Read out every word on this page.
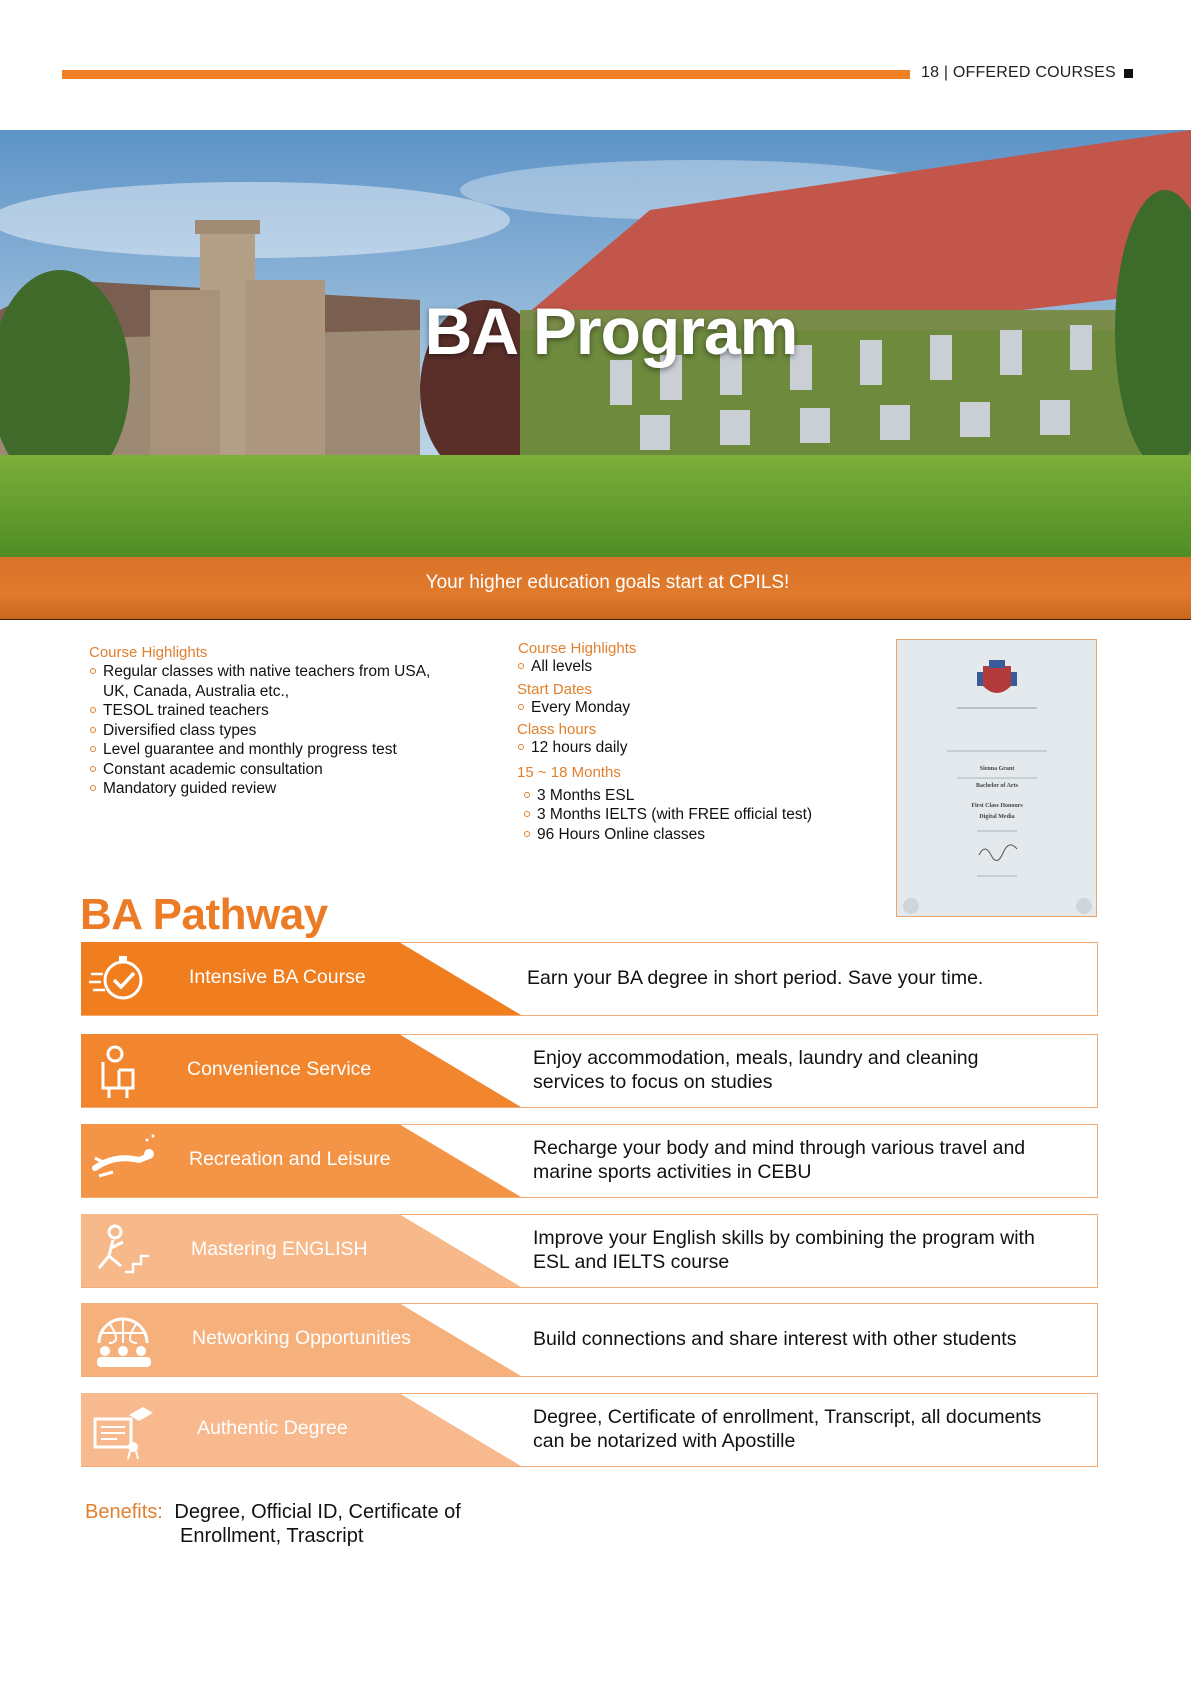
18 | OFFERED COURSES
BA Program
Your higher education goals start at CPILS!
Course Highlights
Regular classes with native teachers from USA,
UK, Canada, Australia etc.,
TESOL trained teachers
Diversified class types
Level guarantee and monthly progress test
Constant academic consultation
Mandatory guided review
Course Highlights
All levels
Start Dates
Every Monday
Class hours
12 hours daily
15 ~ 18 Months
3 Months ESL
3 Months IELTS (with FREE official test)
96 Hours Online classes
Sienna Grant
Bachelor of Arts
First Class Honours
Digital Media
BA Pathway
Intensive BA Course	Earn your BA degree in short period. Save your time.
Convenience Service	Enjoy accommodation, meals, laundry and cleaning
services to focus on studies
Recreation and Leisure	Recharge your body and mind through various travel and
marine sports activities in CEBU
Mastering ENGLISH	Improve your English skills by combining the program with
ESL and IELTS course
Networking Opportunities	Build connections and share interest with other students
Authentic Degree	Degree, Certificate of enrollment, Transcript, all documents
can be notarized with Apostille
Benefits: Degree, Official ID, Certificate of
Enrollment, Trascript
